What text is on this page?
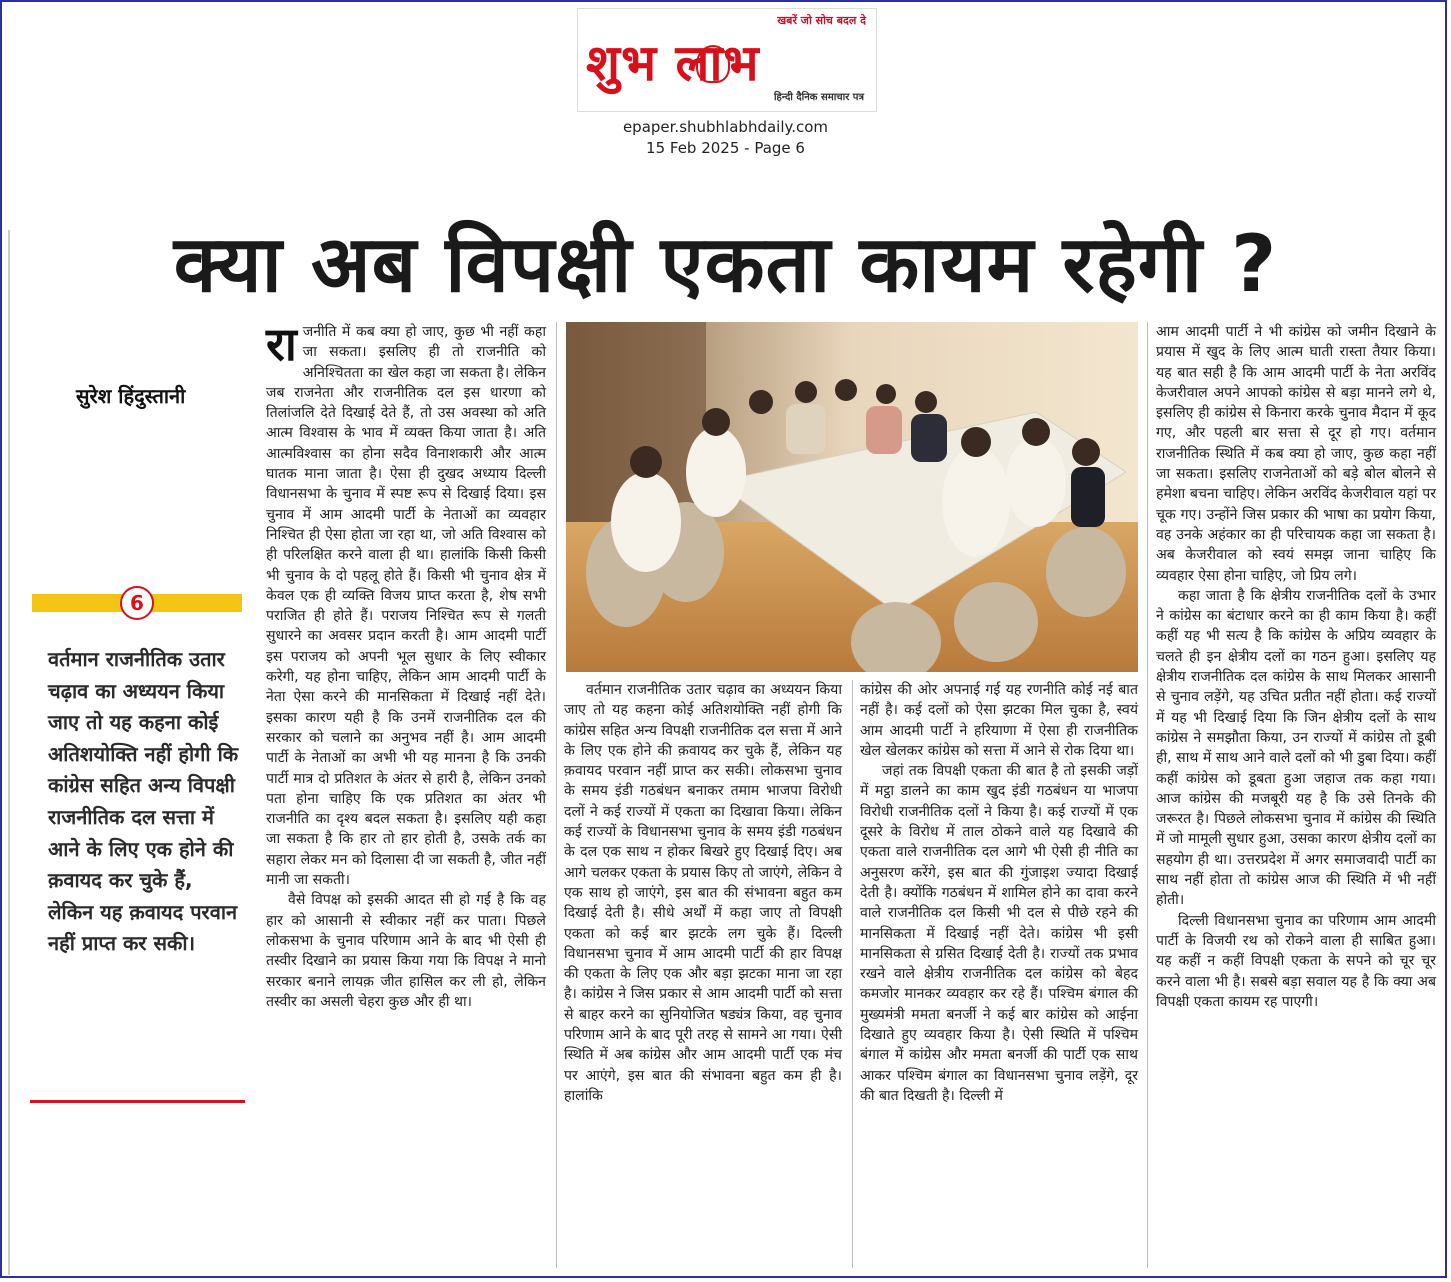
खबरें जो सोच बदल दे
शुभ लाभ
हिन्दी दैनिक समाचार पत्र
epaper.shubhlabhdaily.com
15 Feb 2025 - Page 6
क्या अब विपक्षी एकता कायम रहेगी ?
सुरेश हिंदुस्तानी
6
वर्तमान राजनीतिक उतार चढ़ाव का अध्ययन किया जाए तो यह कहना कोई अतिशयोक्ति नहीं होगी कि कांग्रेस सहित अन्य विपक्षी राजनीतिक दल सत्ता में आने के लिए एक होने की क़वायद कर चुके हैं, लेकिन यह क़वायद परवान नहीं प्राप्त कर सकी।

राजनीति में कब क्या हो जाए, कुछ भी नहीं कहा जा सकता। इसलिए ही तो राजनीति को अनिश्चितता का खेल कहा जा सकता है। लेकिन जब राजनेता और राजनीतिक दल इस धारणा को तिलांजलि देते दिखाई देते हैं, तो उस अवस्था को अति आत्म विश्वास के भाव में व्यक्त किया जाता है। अति आत्मविश्वास का होना सदैव विनाशकारी और आत्म घातक माना जाता है। ऐसा ही दुखद अध्याय दिल्ली विधानसभा के चुनाव में स्पष्ट रूप से दिखाई दिया। इस चुनाव में आम आदमी पार्टी के नेताओं का व्यवहार निश्चित ही ऐसा होता जा रहा था, जो अति विश्वास को ही परिलक्षित करने वाला ही था। हालांकि किसी किसी भी चुनाव के दो पहलू होते हैं। किसी भी चुनाव क्षेत्र में केवल एक ही व्यक्ति विजय प्राप्त करता है, शेष सभी पराजित ही होते हैं। पराजय निश्चित रूप से गलती सुधारने का अवसर प्रदान करती है। आम आदमी पार्टी इस पराजय को अपनी भूल सुधार के लिए स्वीकार करेगी, यह होना चाहिए, लेकिन आम आदमी पार्टी के नेता ऐसा करने की मानसिकता में दिखाई नहीं देते। इसका कारण यही है कि उनमें राजनीतिक दल की सरकार को चलाने का अनुभव नहीं है। आम आदमी पार्टी के नेताओं का अभी भी यह मानना है कि उनकी पार्टी मात्र दो प्रतिशत के अंतर से हारी है, लेकिन उनको पता होना चाहिए कि एक प्रतिशत का अंतर भी राजनीति का दृश्य बदल सकता है। इसलिए यही कहा जा सकता है कि हार तो हार होती है, उसके तर्क का सहारा लेकर मन को दिलासा दी जा सकती है, जीत नहीं मानी जा सकती।

वैसे विपक्ष को इसकी आदत सी हो गई है कि वह हार को आसानी से स्वीकार नहीं कर पाता। पिछले लोकसभा के चुनाव परिणाम आने के बाद भी ऐसी ही तस्वीर दिखाने का प्रयास किया गया कि विपक्ष ने मानो सरकार बनाने लायक़ जीत हासिल कर ली हो, लेकिन तस्वीर का असली चेहरा कुछ और ही था।

वर्तमान राजनीतिक उतार चढ़ाव का अध्ययन किया जाए तो यह कहना कोई अतिशयोक्ति नहीं होगी कि कांग्रेस सहित अन्य विपक्षी राजनीतिक दल सत्ता में आने के लिए एक होने की क़वायद कर चुके हैं, लेकिन यह क़वायद परवान नहीं प्राप्त कर सकी। लोकसभा चुनाव के समय इंडी गठबंधन बनाकर तमाम भाजपा विरोधी दलों ने कई राज्यों में एकता का दिखावा किया। लेकिन कई राज्यों के विधानसभा चुनाव के समय इंडी गठबंधन के दल एक साथ न होकर बिखरे हुए दिखाई दिए। अब आगे चलकर एकता के प्रयास किए तो जाएंगे, लेकिन वे एक साथ हो जाएंगे, इस बात की संभावना बहुत कम दिखाई देती है। सीधे अर्थों में कहा जाए तो विपक्षी एकता को कई बार झटके लग चुके हैं। दिल्ली विधानसभा चुनाव में आम आदमी पार्टी की हार विपक्ष की एकता के लिए एक और बड़ा झटका माना जा रहा है। कांग्रेस ने जिस प्रकार से आम आदमी पार्टी को सत्ता से बाहर करने का सुनियोजित षड्यंत्र किया, वह चुनाव परिणाम आने के बाद पूरी तरह से सामने आ गया। ऐसी स्थिति में अब कांग्रेस और आम आदमी पार्टी एक मंच पर आएंगे, इस बात की संभावना बहुत कम ही है। हालांकि

कांग्रेस की ओर अपनाई गई यह रणनीति कोई नई बात नहीं है। कई दलों को ऐसा झटका मिल चुका है, स्वयं आम आदमी पार्टी ने हरियाणा में ऐसा ही राजनीतिक खेल खेलकर कांग्रेस को सत्ता में आने से रोक दिया था।

जहां तक विपक्षी एकता की बात है तो इसकी जड़ों में मट्ठा डालने का काम खुद इंडी गठबंधन या भाजपा विरोधी राजनीतिक दलों ने किया है। कई राज्यों में एक दूसरे के विरोध में ताल ठोकने वाले यह दिखावे की एकता वाले राजनीतिक दल आगे भी ऐसी ही नीति का अनुसरण करेंगे, इस बात की गुंजाइश ज्यादा दिखाई देती है। क्योंकि गठबंधन में शामिल होने का दावा करने वाले राजनीतिक दल किसी भी दल से पीछे रहने की मानसिकता में दिखाई नहीं देते। कांग्रेस भी इसी मानसिकता से ग्रसित दिखाई देती है। राज्यों तक प्रभाव रखने वाले क्षेत्रीय राजनीतिक दल कांग्रेस को बेहद कमजोर मानकर व्यवहार कर रहे हैं। पश्चिम बंगाल की मुख्यमंत्री ममता बनर्जी ने कई बार कांग्रेस को आईना दिखाते हुए व्यवहार किया है। ऐसी स्थिति में पश्चिम बंगाल में कांग्रेस और ममता बनर्जी की पार्टी एक साथ आकर पश्चिम बंगाल का विधानसभा चुनाव लड़ेंगे, दूर की बात दिखती है। दिल्ली में

आम आदमी पार्टी ने भी कांग्रेस को जमीन दिखाने के प्रयास में खुद के लिए आत्म घाती रास्ता तैयार किया। यह बात सही है कि आम आदमी पार्टी के नेता अरविंद केजरीवाल अपने आपको कांग्रेस से बड़ा मानने लगे थे, इसलिए ही कांग्रेस से किनारा करके चुनाव मैदान में कूद गए, और पहली बार सत्ता से दूर हो गए। वर्तमान राजनीतिक स्थिति में कब क्या हो जाए, कुछ कहा नहीं जा सकता। इसलिए राजनेताओं को बड़े बोल बोलने से हमेशा बचना चाहिए। लेकिन अरविंद केजरीवाल यहां पर चूक गए। उन्होंने जिस प्रकार की भाषा का प्रयोग किया, वह उनके अहंकार का ही परिचायक कहा जा सकता है। अब केजरीवाल को स्वयं समझ जाना चाहिए कि व्यवहार ऐसा होना चाहिए, जो प्रिय लगे।

कहा जाता है कि क्षेत्रीय राजनीतिक दलों के उभार ने कांग्रेस का बंटाधार करने का ही काम किया है। कहीं कहीं यह भी सत्य है कि कांग्रेस के अप्रिय व्यवहार के चलते ही इन क्षेत्रीय दलों का गठन हुआ। इसलिए यह क्षेत्रीय राजनीतिक दल कांग्रेस के साथ मिलकर आसानी से चुनाव लड़ेंगे, यह उचित प्रतीत नहीं होता। कई राज्यों में यह भी दिखाई दिया कि जिन क्षेत्रीय दलों के साथ कांग्रेस ने समझौता किया, उन राज्यों में कांग्रेस तो डूबी ही, साथ में साथ आने वाले दलों को भी डुबा दिया। कहीं कहीं कांग्रेस को डूबता हुआ जहाज तक कहा गया। आज कांग्रेस की मजबूरी यह है कि उसे तिनके की जरूरत है। पिछले लोकसभा चुनाव में कांग्रेस की स्थिति में जो मामूली सुधार हुआ, उसका कारण क्षेत्रीय दलों का सहयोग ही था। उत्तरप्रदेश में अगर समाजवादी पार्टी का साथ नहीं होता तो कांग्रेस आज की स्थिति में भी नहीं होती।

दिल्ली विधानसभा चुनाव का परिणाम आम आदमी पार्टी के विजयी रथ को रोकने वाला ही साबित हुआ। यह कहीं न कहीं विपक्षी एकता के सपने को चूर चूर करने वाला भी है। सबसे बड़ा सवाल यह है कि क्या अब विपक्षी एकता कायम रह पाएगी।
